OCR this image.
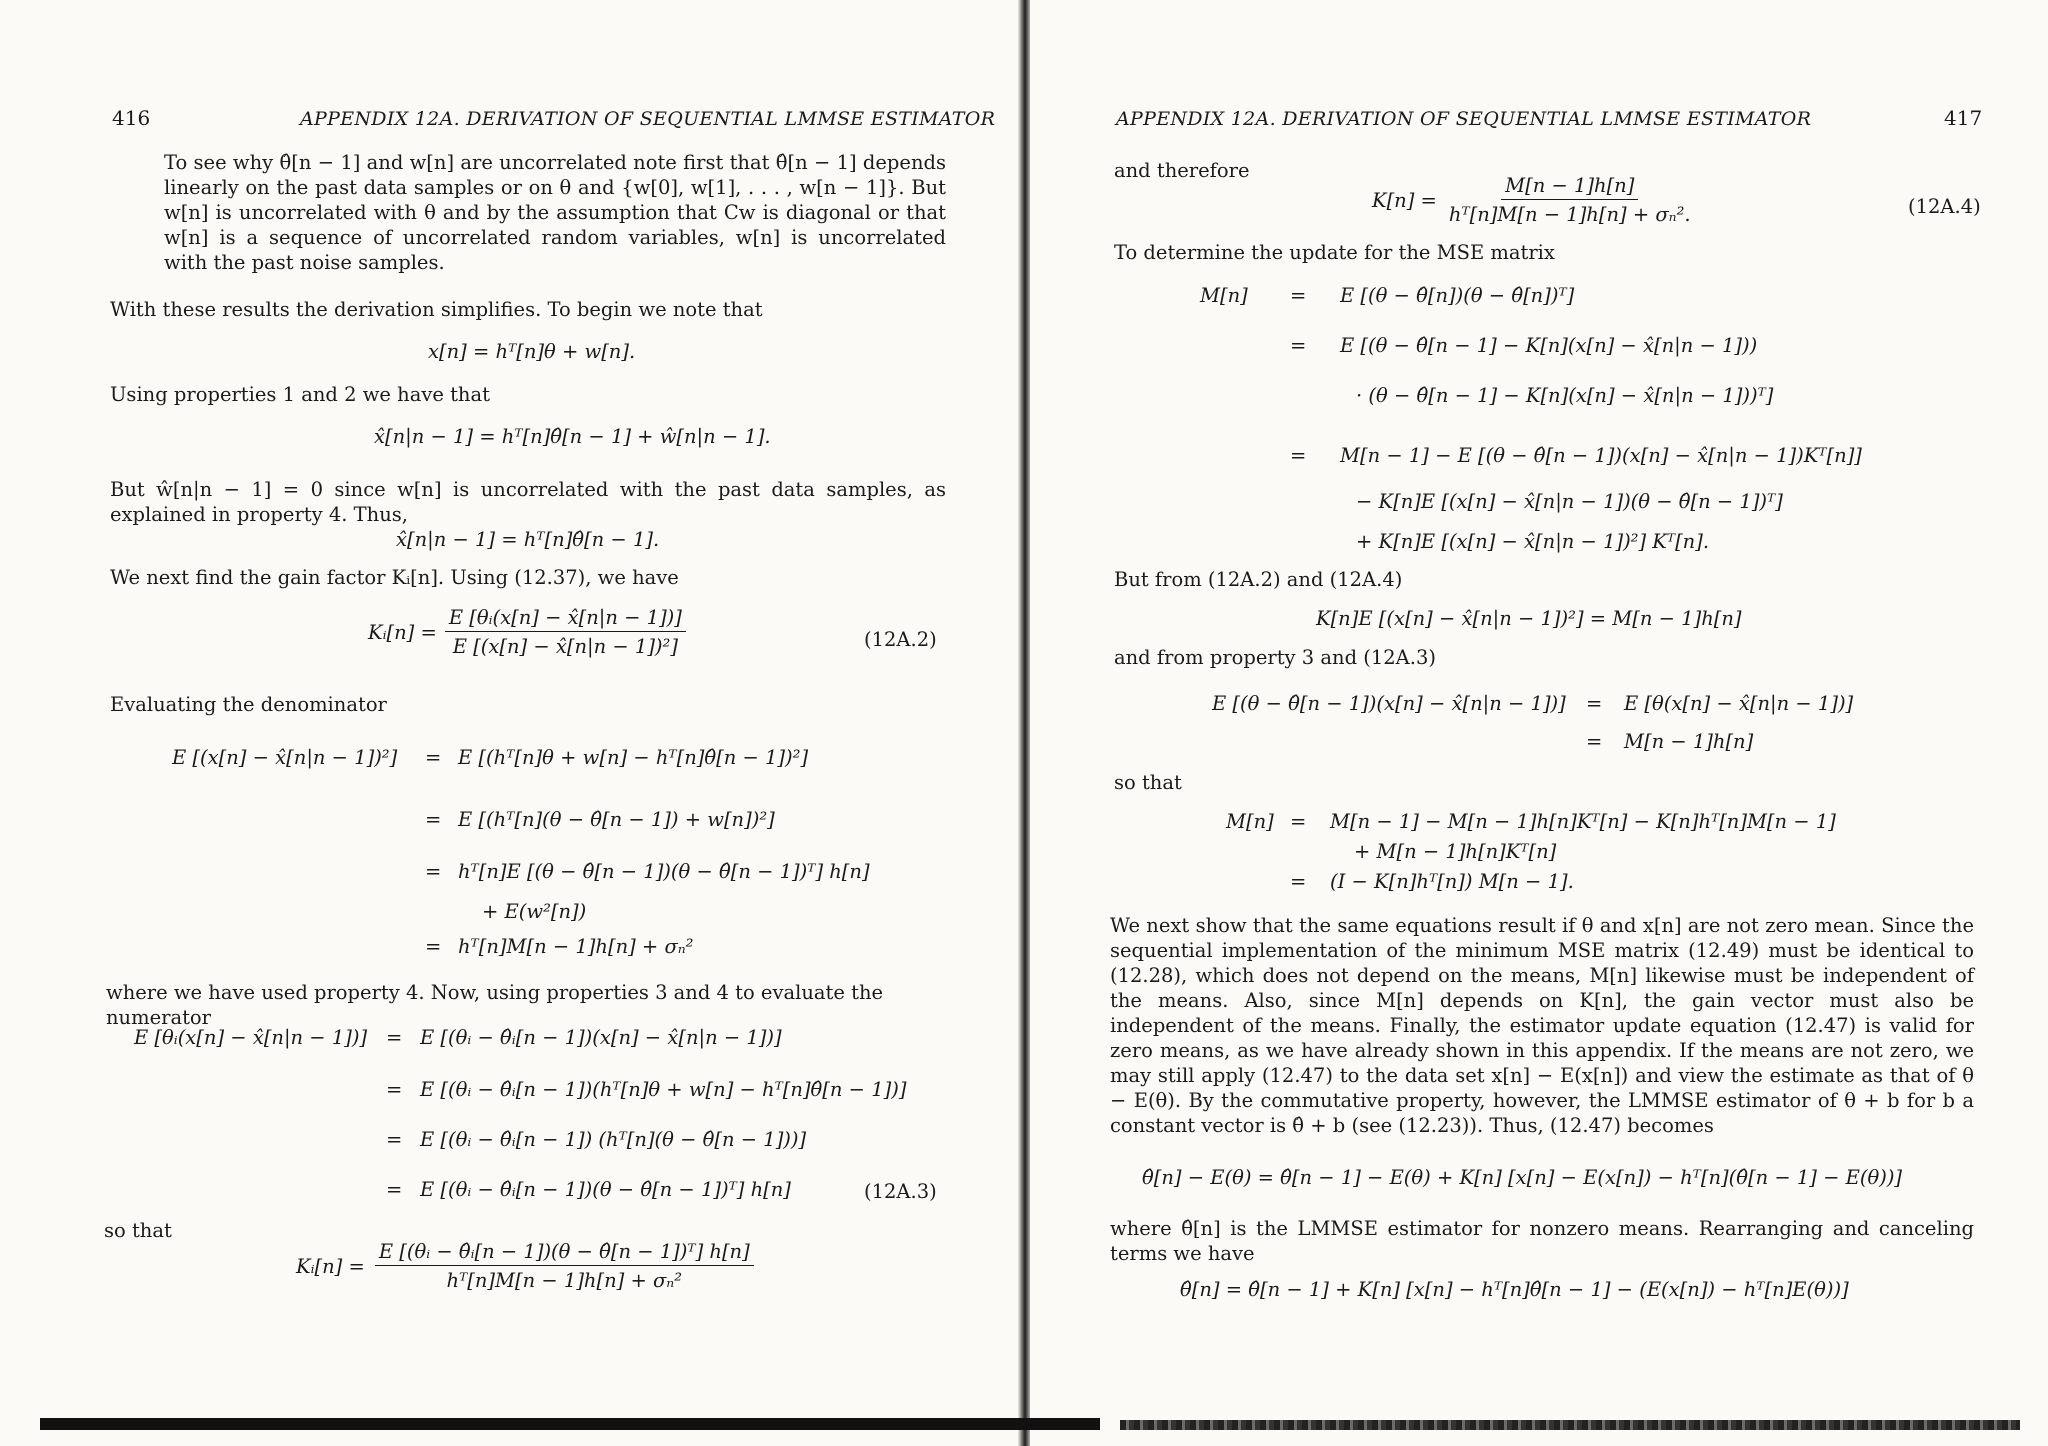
416	APPENDIX 12A. DERIVATION OF SEQUENTIAL LMMSE ESTIMATOR
To see why θ̂[n − 1] and w[n] are uncorrelated note first that θ̂[n − 1] depends linearly on the past data samples or on θ and {w[0], w[1], . . . , w[n − 1]}. But w[n] is uncorrelated with θ and by the assumption that Cw is diagonal or that w[n] is a sequence of uncorrelated random variables, w[n] is uncorrelated with the past noise samples.
With these results the derivation simplifies. To begin we note that
x[n] = hᵀ[n]θ + w[n].
Using properties 1 and 2 we have that
x̂[n|n − 1] = hᵀ[n]θ̂[n − 1] + ŵ[n|n − 1].
But ŵ[n|n − 1] = 0 since w[n] is uncorrelated with the past data samples, as explained in property 4. Thus,
x̂[n|n − 1] = hᵀ[n]θ̂[n − 1].
We next find the gain factor Kᵢ[n]. Using (12.37), we have
Kᵢ[n] = $\frac{\text{E [θᵢ(x[n] − x̂[n|n − 1])]}}{\text{E [(x[n] − x̂[n|n − 1])²]}}$	(12A.2)
Evaluating the denominator
E [(x[n] − x̂[n|n − 1])²] = E [(hᵀ[n]θ + w[n] − hᵀ[n]θ̂[n − 1])²]
= E [(hᵀ[n](θ − θ̂[n − 1]) + w[n])²]
= hᵀ[n]E [(θ − θ̂[n − 1])(θ − θ̂[n − 1])ᵀ] h[n]
+ E(w²[n])
= hᵀ[n]M[n − 1]h[n] + σₙ²
where we have used property 4. Now, using properties 3 and 4 to evaluate the numerator
E [θᵢ(x[n] − x̂[n|n − 1])] = E [(θᵢ − θ̂ᵢ[n − 1])(x[n] − x̂[n|n − 1])]
= E [(θᵢ − θ̂ᵢ[n − 1])(hᵀ[n]θ + w[n] − hᵀ[n]θ̂[n − 1])]
= E [(θᵢ − θ̂ᵢ[n − 1]) (hᵀ[n](θ − θ̂[n − 1]))]
= E [(θᵢ − θ̂ᵢ[n − 1])(θ − θ̂[n − 1])ᵀ] h[n]	(12A.3)
so that
Kᵢ[n] = $\frac{\text{E [(θᵢ − θ̂ᵢ[n − 1])(θ − θ̂[n − 1])ᵀ] h[n]}}{\text{hᵀ[n]M[n − 1]h[n] + σₙ²}}$
APPENDIX 12A. DERIVATION OF SEQUENTIAL LMMSE ESTIMATOR	417
and therefore
$K[n] = \frac{M[n - 1]h[n]}{\text{hᵀ[n]M[n − 1]h[n] + σₙ².}}$	(12A.4)
To determine the update for the MSE matrix
M[n] = E [(θ − θ̂[n])(θ − θ̂[n])ᵀ]
= E [(θ − θ̂[n − 1] − K[n](x[n] − x̂[n|n − 1]))
· (θ − θ̂[n − 1] − K[n](x[n] − x̂[n|n − 1]))ᵀ]
= M[n − 1] − E [(θ − θ̂[n − 1])(x[n] − x̂[n|n − 1])Kᵀ[n]]
− K[n]E [(x[n] − x̂[n|n − 1])(θ − θ̂[n − 1])ᵀ]
+ K[n]E [(x[n] − x̂[n|n − 1])²] Kᵀ[n].
But from (12A.2) and (12A.4)
K[n]E [(x[n] − x̂[n|n − 1])²] = M[n − 1]h[n]
and from property 3 and (12A.3)
E [(θ − θ̂[n − 1])(x[n] − x̂[n|n − 1])] = E [θ(x[n] − x̂[n|n − 1])]
= M[n − 1]h[n]
so that
M[n] = M[n − 1] − M[n − 1]h[n]Kᵀ[n] − K[n]hᵀ[n]M[n − 1]
+ M[n − 1]h[n]Kᵀ[n]
= (I − K[n]hᵀ[n]) M[n − 1].
We next show that the same equations result if θ and x[n] are not zero mean. Since the sequential implementation of the minimum MSE matrix (12.49) must be identical to (12.28), which does not depend on the means, M[n] likewise must be independent of the means. Also, since M[n] depends on K[n], the gain vector must also be independent of the means. Finally, the estimator update equation (12.47) is valid for zero means, as we have already shown in this appendix. If the means are not zero, we may still apply (12.47) to the data set x[n] − E(x[n]) and view the estimate as that of θ − E(θ). By the commutative property, however, the LMMSE estimator of θ + b for b a constant vector is θ̂ + b (see (12.23)). Thus, (12.47) becomes
θ̂[n] − E(θ) = θ̂[n − 1] − E(θ) + K[n] [x[n] − E(x[n]) − hᵀ[n](θ̂[n − 1] − E(θ))]
where θ̂[n] is the LMMSE estimator for nonzero means. Rearranging and canceling terms we have
θ̂[n] = θ̂[n − 1] + K[n] [x[n] − hᵀ[n]θ̂[n − 1] − (E(x[n]) − hᵀ[n]E(θ))]
